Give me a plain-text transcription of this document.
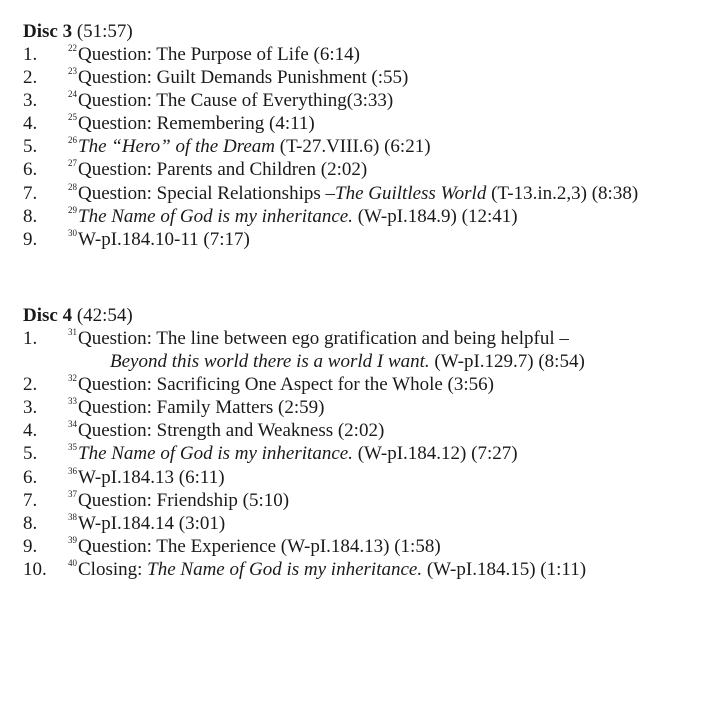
Disc 3 (51:57)
1.	$^{22}$Question: The Purpose of Life (6:14)
2.	$^{23}$Question: Guilt Demands Punishment (:55)
3.	$^{24}$Question: The Cause of Everything(3:33)
4.	$^{25}$Question: Remembering (4:11)
5.	$^{26}$The “Hero” of the Dream (T-27.VIII.6) (6:21)
6.	$^{27}$Question: Parents and Children (2:02)
7.	$^{28}$Question: Special Relationships –The Guiltless World (T-13.in.2,3) (8:38)
8.	$^{29}$The Name of God is my inheritance. (W-pI.184.9) (12:41)
9.	$^{30}$W-pI.184.10-11 (7:17)
Disc 4 (42:54)
1.	$^{31}$Question: The line between ego gratification and being helpful –
Beyond this world there is a world I want. (W-pI.129.7) (8:54)
2.	$^{32}$Question: Sacrificing One Aspect for the Whole (3:56)
3.	$^{33}$Question: Family Matters (2:59)
4.	$^{34}$Question: Strength and Weakness (2:02)
5.	$^{35}$The Name of God is my inheritance. (W-pI.184.12) (7:27)
6.	$^{36}$W-pI.184.13 (6:11)
7.	$^{37}$Question: Friendship (5:10)
8.	$^{38}$W-pI.184.14 (3:01)
9.	$^{39}$Question: The Experience (W-pI.184.13) (1:58)
10. $^{40}$Closing: The Name of God is my inheritance. (W-pI.184.15) (1:11)
